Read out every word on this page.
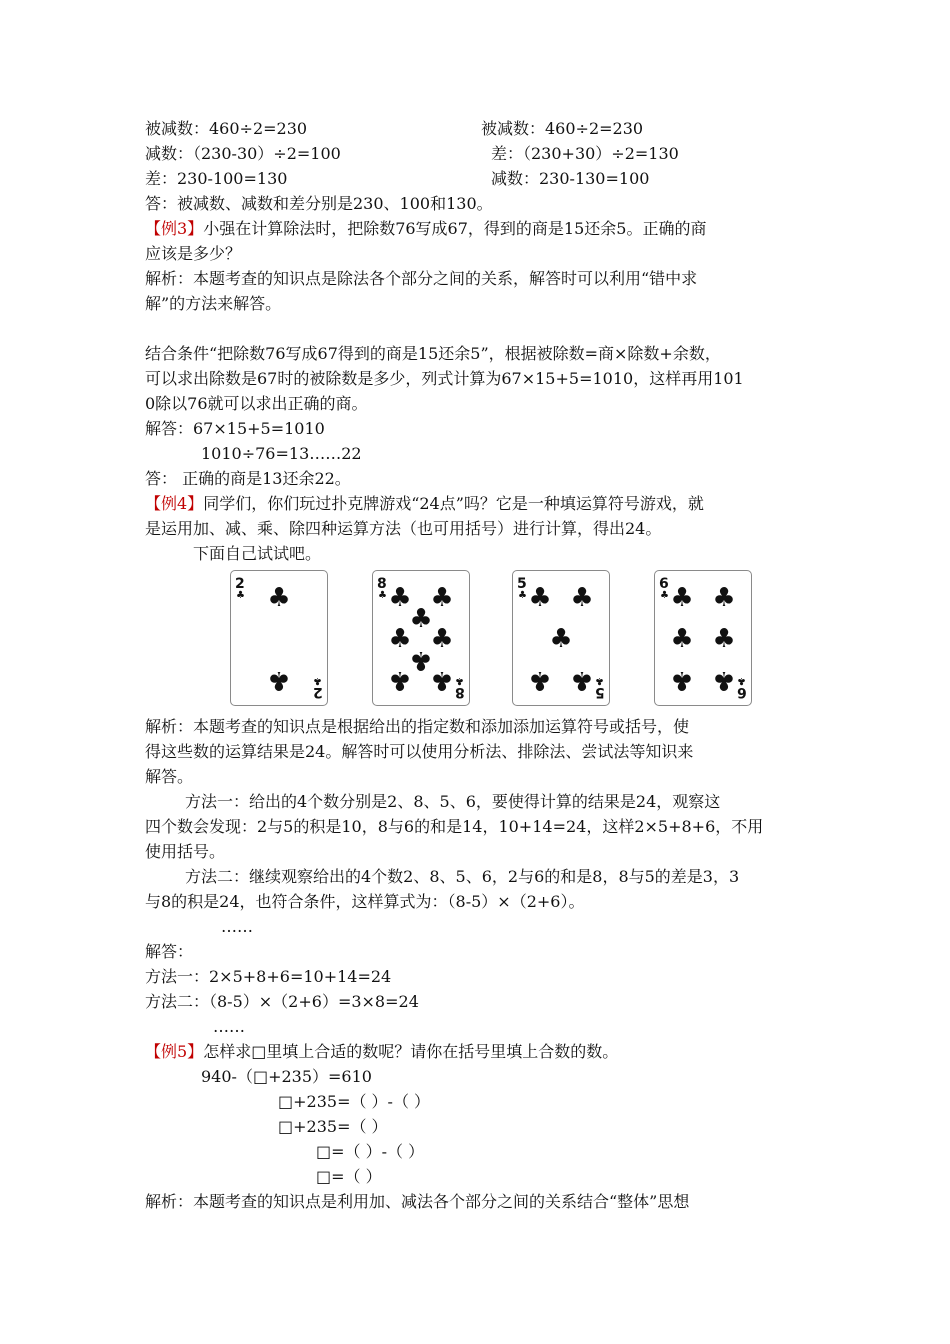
被减数：460÷2=230	被减数：460÷2=230
减数：（230-30）÷2=100	差：（230+30）÷2=130
差：230-100=130	减数：230-130=100
答：被减数、减数和差分别是230、100和130。
【例3】小强在计算除法时，把除数76写成67，得到的商是15还余5。正确的商
应该是多少？
解析：本题考查的知识点是除法各个部分之间的关系，解答时可以利用“错中求
解”的方法来解答。
结合条件“把除数76写成67得到的商是15还余5”，根据被除数=商×除数+余数，
可以求出除数是67时的被除数是多少，列式计算为67×15+5=1010，这样再用101
0除以76就可以求出正确的商。
解答：67×15+5=1010
1010÷76=13……22
答： 正确的商是13还余22。
【例4】同学们，你们玩过扑克牌游戏“24点”吗？它是一种填运算符号游戏，就
是运用加、减、乘、除四种运算方法（也可用括号）进行计算，得出24。
下面自己试试吧。
2
♣
2
♣
♣
♣
8
♣
8
♣
♣ ♣
♣
♣ ♣
♣
♣ ♣
5
♣
5
♣
♣ ♣
♣
♣ ♣
6
♣
6
♣
♣ ♣
♣ ♣
♣ ♣
解析：本题考查的知识点是根据给出的指定数和添加添加运算符号或括号，使
得这些数的运算结果是24。解答时可以使用分析法、排除法、尝试法等知识来
解答。
方法一：给出的4个数分别是2、8、5、6，要使得计算的结果是24，观察这
四个数会发现：2与5的积是10，8与6的和是14，10+14=24，这样2×5+8+6，不用
使用括号。
方法二：继续观察给出的4个数2、8、5、6，2与6的和是8，8与5的差是3，3
与8的积是24，也符合条件，这样算式为：（8-5）×（2+6）。
……
解答：
方法一：2×5+8+6=10+14=24
方法二：（8-5）×（2+6）=3×8=24
……
【例5】怎样求□里填上合适的数呢？请你在括号里填上合数的数。
940-（□+235）=610
□+235=（ ）-（ ）
□+235=（ ）
□=（ ）-（ ）
□=（ ）
解析：本题考查的知识点是利用加、减法各个部分之间的关系结合“整体”思想
